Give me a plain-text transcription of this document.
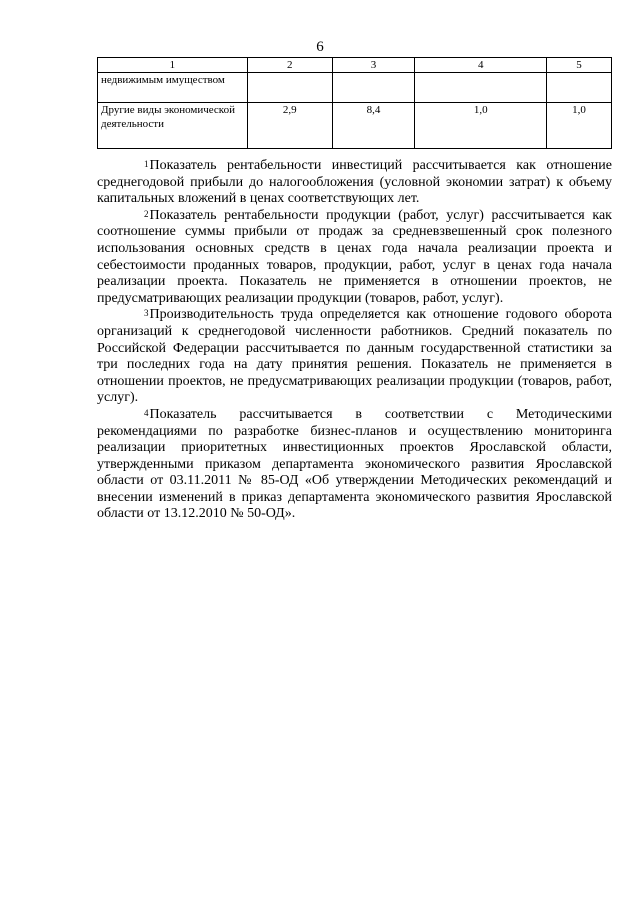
6
1	2	3	4	5
недвижимым имуществом				
Другие виды экономической деятельности	2,9	8,4	1,0	1,0

$^1$Показатель рентабельности инвестиций рассчитывается как отношение среднегодовой прибыли до налогообложения (условной экономии затрат) к объему капитальных вложений в ценах соответствующих лет.

$^2$Показатель рентабельности продукции (работ, услуг) рассчитывается как соотношение суммы прибыли от продаж за средневзвешенный срок полезного использования основных средств в ценах года начала реализации проекта и себестоимости проданных товаров, продукции, работ, услуг в ценах года начала реализации проекта. Показатель не применяется в отношении проектов, не предусматривающих реализации продукции (товаров, работ, услуг).

$^3$Производительность труда определяется как отношение годового оборота организаций к среднегодовой численности работников. Средний показатель по Российской Федерации рассчитывается по данным государственной статистики за три последних года на дату принятия решения. Показатель не применяется в отношении проектов, не предусматривающих реализации продукции (товаров, работ, услуг).

$^4$Показатель рассчитывается в соответствии с Методическими рекомендациями по разработке бизнес-планов и осуществлению мониторинга реализации приоритетных инвестиционных проектов Ярославской области, утвержденными приказом департамента экономического развития Ярославской области от 03.11.2011 № 85-ОД «Об утверждении Методических рекомендаций и внесении изменений в приказ департамента экономического развития Ярославской области от 13.12.2010 № 50-ОД».
